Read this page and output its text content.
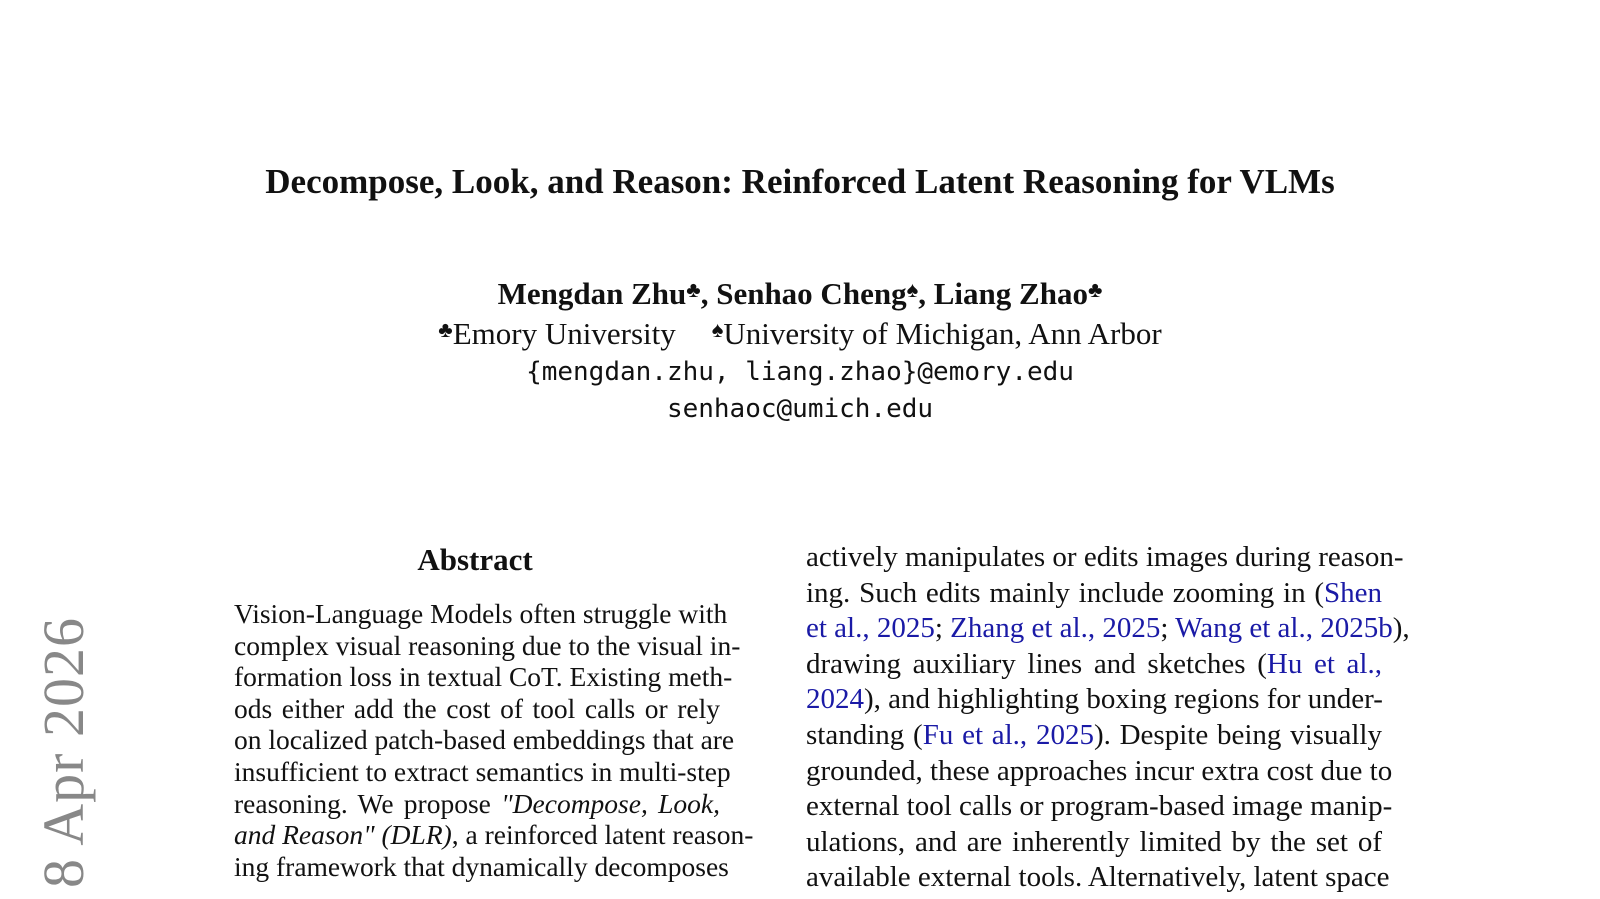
8 Apr 2026
Decompose, Look, and Reason: Reinforced Latent Reasoning for VLMs
Mengdan Zhu♣, Senhao Cheng♠, Liang Zhao♣
♣Emory University ♠University of Michigan, Ann Arbor
{mengdan.zhu, liang.zhao}@emory.edu
senhaoc@umich.edu
Abstract
Vision-Language Models often struggle with
complex visual reasoning due to the visual in-
formation loss in textual CoT. Existing meth-
ods either add the cost of tool calls or rely
on localized patch-based embeddings that are
insufficient to extract semantics in multi-step
reasoning. We propose "Decompose, Look,
and Reason" (DLR), a reinforced latent reason-
ing framework that dynamically decomposes
actively manipulates or edits images during reason-
ing. Such edits mainly include zooming in (Shen
et al., 2025; Zhang et al., 2025; Wang et al., 2025b),
drawing auxiliary lines and sketches (Hu et al.,
2024), and highlighting boxing regions for under-
standing (Fu et al., 2025). Despite being visually
grounded, these approaches incur extra cost due to
external tool calls or program-based image manip-
ulations, and are inherently limited by the set of
available external tools. Alternatively, latent space
